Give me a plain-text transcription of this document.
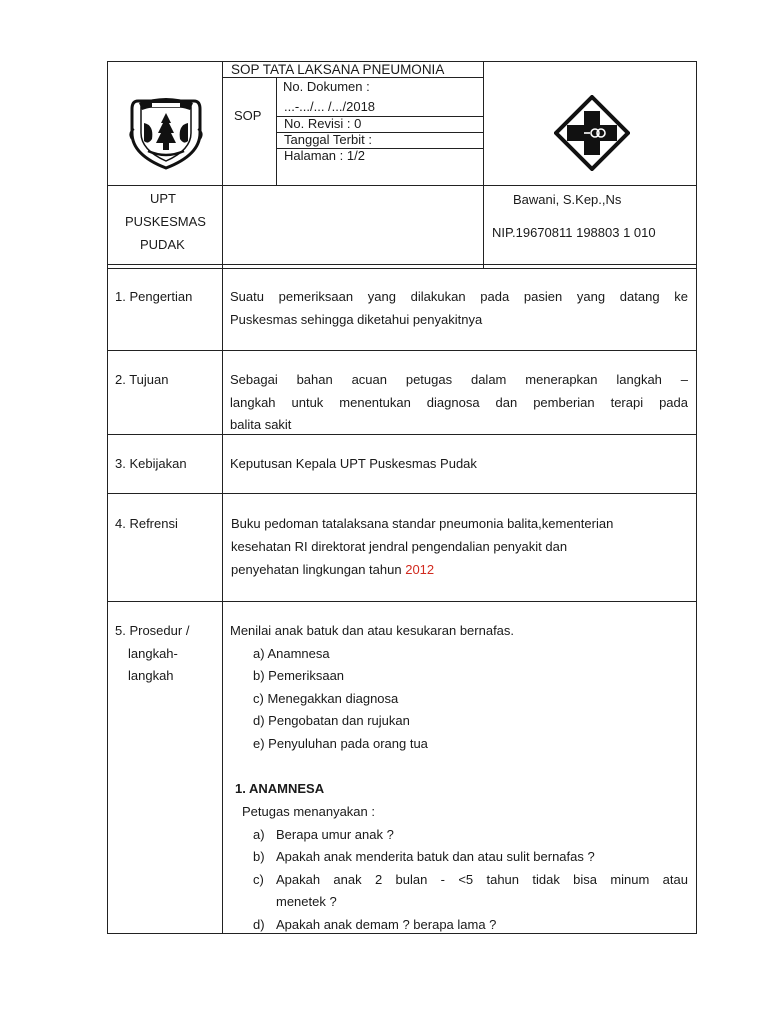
SOP TATA LAKSANA PNEUMONIA
SOP
No. Dokumen :
...-.../... /.../2018
No. Revisi : 0
Tanggal Terbit :
Halaman : 1/2
UPT
PUSKESMAS
PUDAK
Bawani, S.Kep.,Ns
NIP.19670811 198803 1 010
1. Pengertian	Suatu pemeriksaan yang dilakukan pada pasien yang datang ke
Puskesmas sehingga diketahui penyakitnya
2. Tujuan	Sebagai bahan acuan petugas dalam menerapkan langkah –
langkah untuk menentukan diagnosa dan pemberian terapi pada
balita sakit
3. Kebijakan	Keputusan Kepala UPT Puskesmas Pudak
4. Refrensi	Buku pedoman tatalaksana standar pneumonia balita,kementerian
kesehatan RI direktorat jendral pengendalian penyakit dan
penyehatan lingkungan tahun 2012
5. Prosedur /
langkah-
langkah
Menilai anak batuk dan atau kesukaran bernafas.
a) Anamnesa
b) Pemeriksaan
c) Menegakkan diagnosa
d) Pengobatan dan rujukan
e) Penyuluhan pada orang tua
1. ANAMNESA
Petugas menanyakan :
a) Berapa umur anak ?
b) Apakah anak menderita batuk dan atau sulit bernafas ?
c) Apakah anak 2 bulan - <5 tahun tidak bisa minum atau
menetek ?
d) Apakah anak demam ? berapa lama ?
